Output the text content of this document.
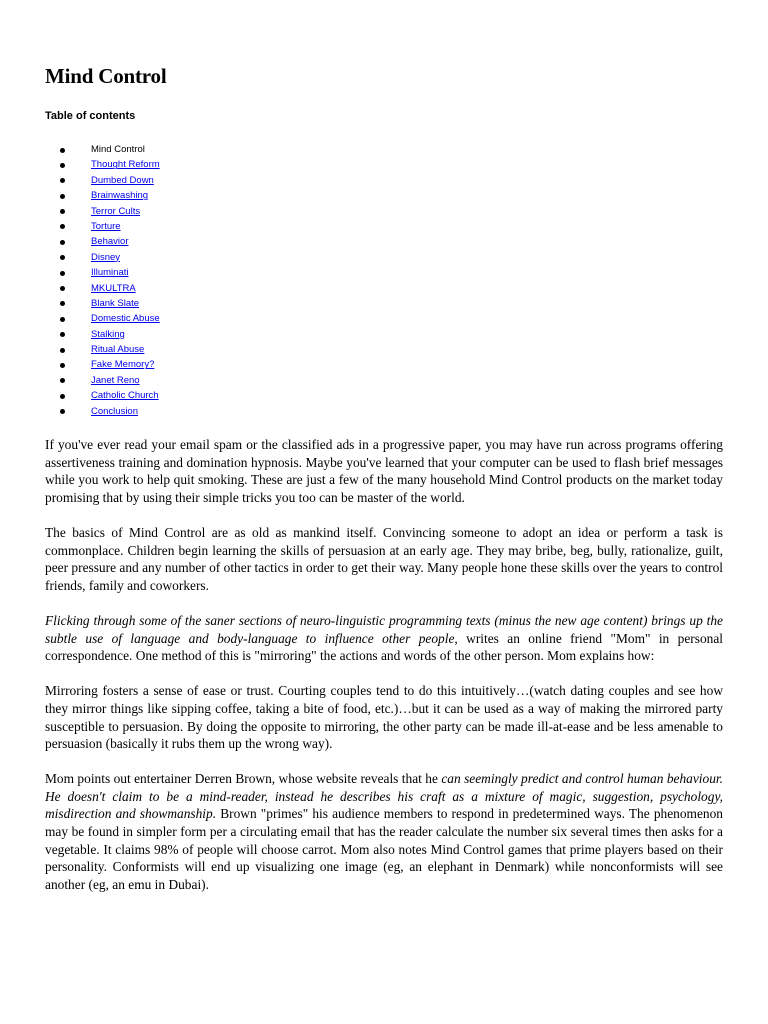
Mind Control
Table of contents
Mind Control
Thought Reform
Dumbed Down
Brainwashing
Terror Cults
Torture
Behavior
Disney
Illuminati
MKULTRA
Blank Slate
Domestic Abuse
Stalking
Ritual Abuse
Fake Memory?
Janet Reno
Catholic Church
Conclusion

If you've ever read your email spam or the classified ads in a progressive paper, you may have run across programs offering assertiveness training and domination hypnosis. Maybe you've learned that your computer can be used to flash brief messages while you work to help quit smoking. These are just a few of the many household Mind Control products on the market today promising that by using their simple tricks you too can be master of the world.

The basics of Mind Control are as old as mankind itself. Convincing someone to adopt an idea or perform a task is commonplace. Children begin learning the skills of persuasion at an early age. They may bribe, beg, bully, rationalize, guilt, peer pressure and any number of other tactics in order to get their way. Many people hone these skills over the years to control friends, family and coworkers.

Flicking through some of the saner sections of neuro-linguistic programming texts (minus the new age content) brings up the subtle use of language and body-language to influence other people, writes an online friend "Mom" in personal correspondence. One method of this is "mirroring" the actions and words of the other person. Mom explains how:

Mirroring fosters a sense of ease or trust. Courting couples tend to do this intuitively…(watch dating couples and see how they mirror things like sipping coffee, taking a bite of food, etc.)…but it can be used as a way of making the mirrored party susceptible to persuasion. By doing the opposite to mirroring, the other party can be made ill-at-ease and be less amenable to persuasion (basically it rubs them up the wrong way).

Mom points out entertainer Derren Brown, whose website reveals that he can seemingly predict and control human behaviour. He doesn't claim to be a mind-reader, instead he describes his craft as a mixture of magic, suggestion, psychology, misdirection and showmanship. Brown "primes" his audience members to respond in predetermined ways. The phenomenon may be found in simpler form per a circulating email that has the reader calculate the number six several times then asks for a vegetable. It claims 98% of people will choose carrot. Mom also notes Mind Control games that prime players based on their personality. Conformists will end up visualizing one image (eg, an elephant in Denmark) while nonconformists will see another (eg, an emu in Dubai).
